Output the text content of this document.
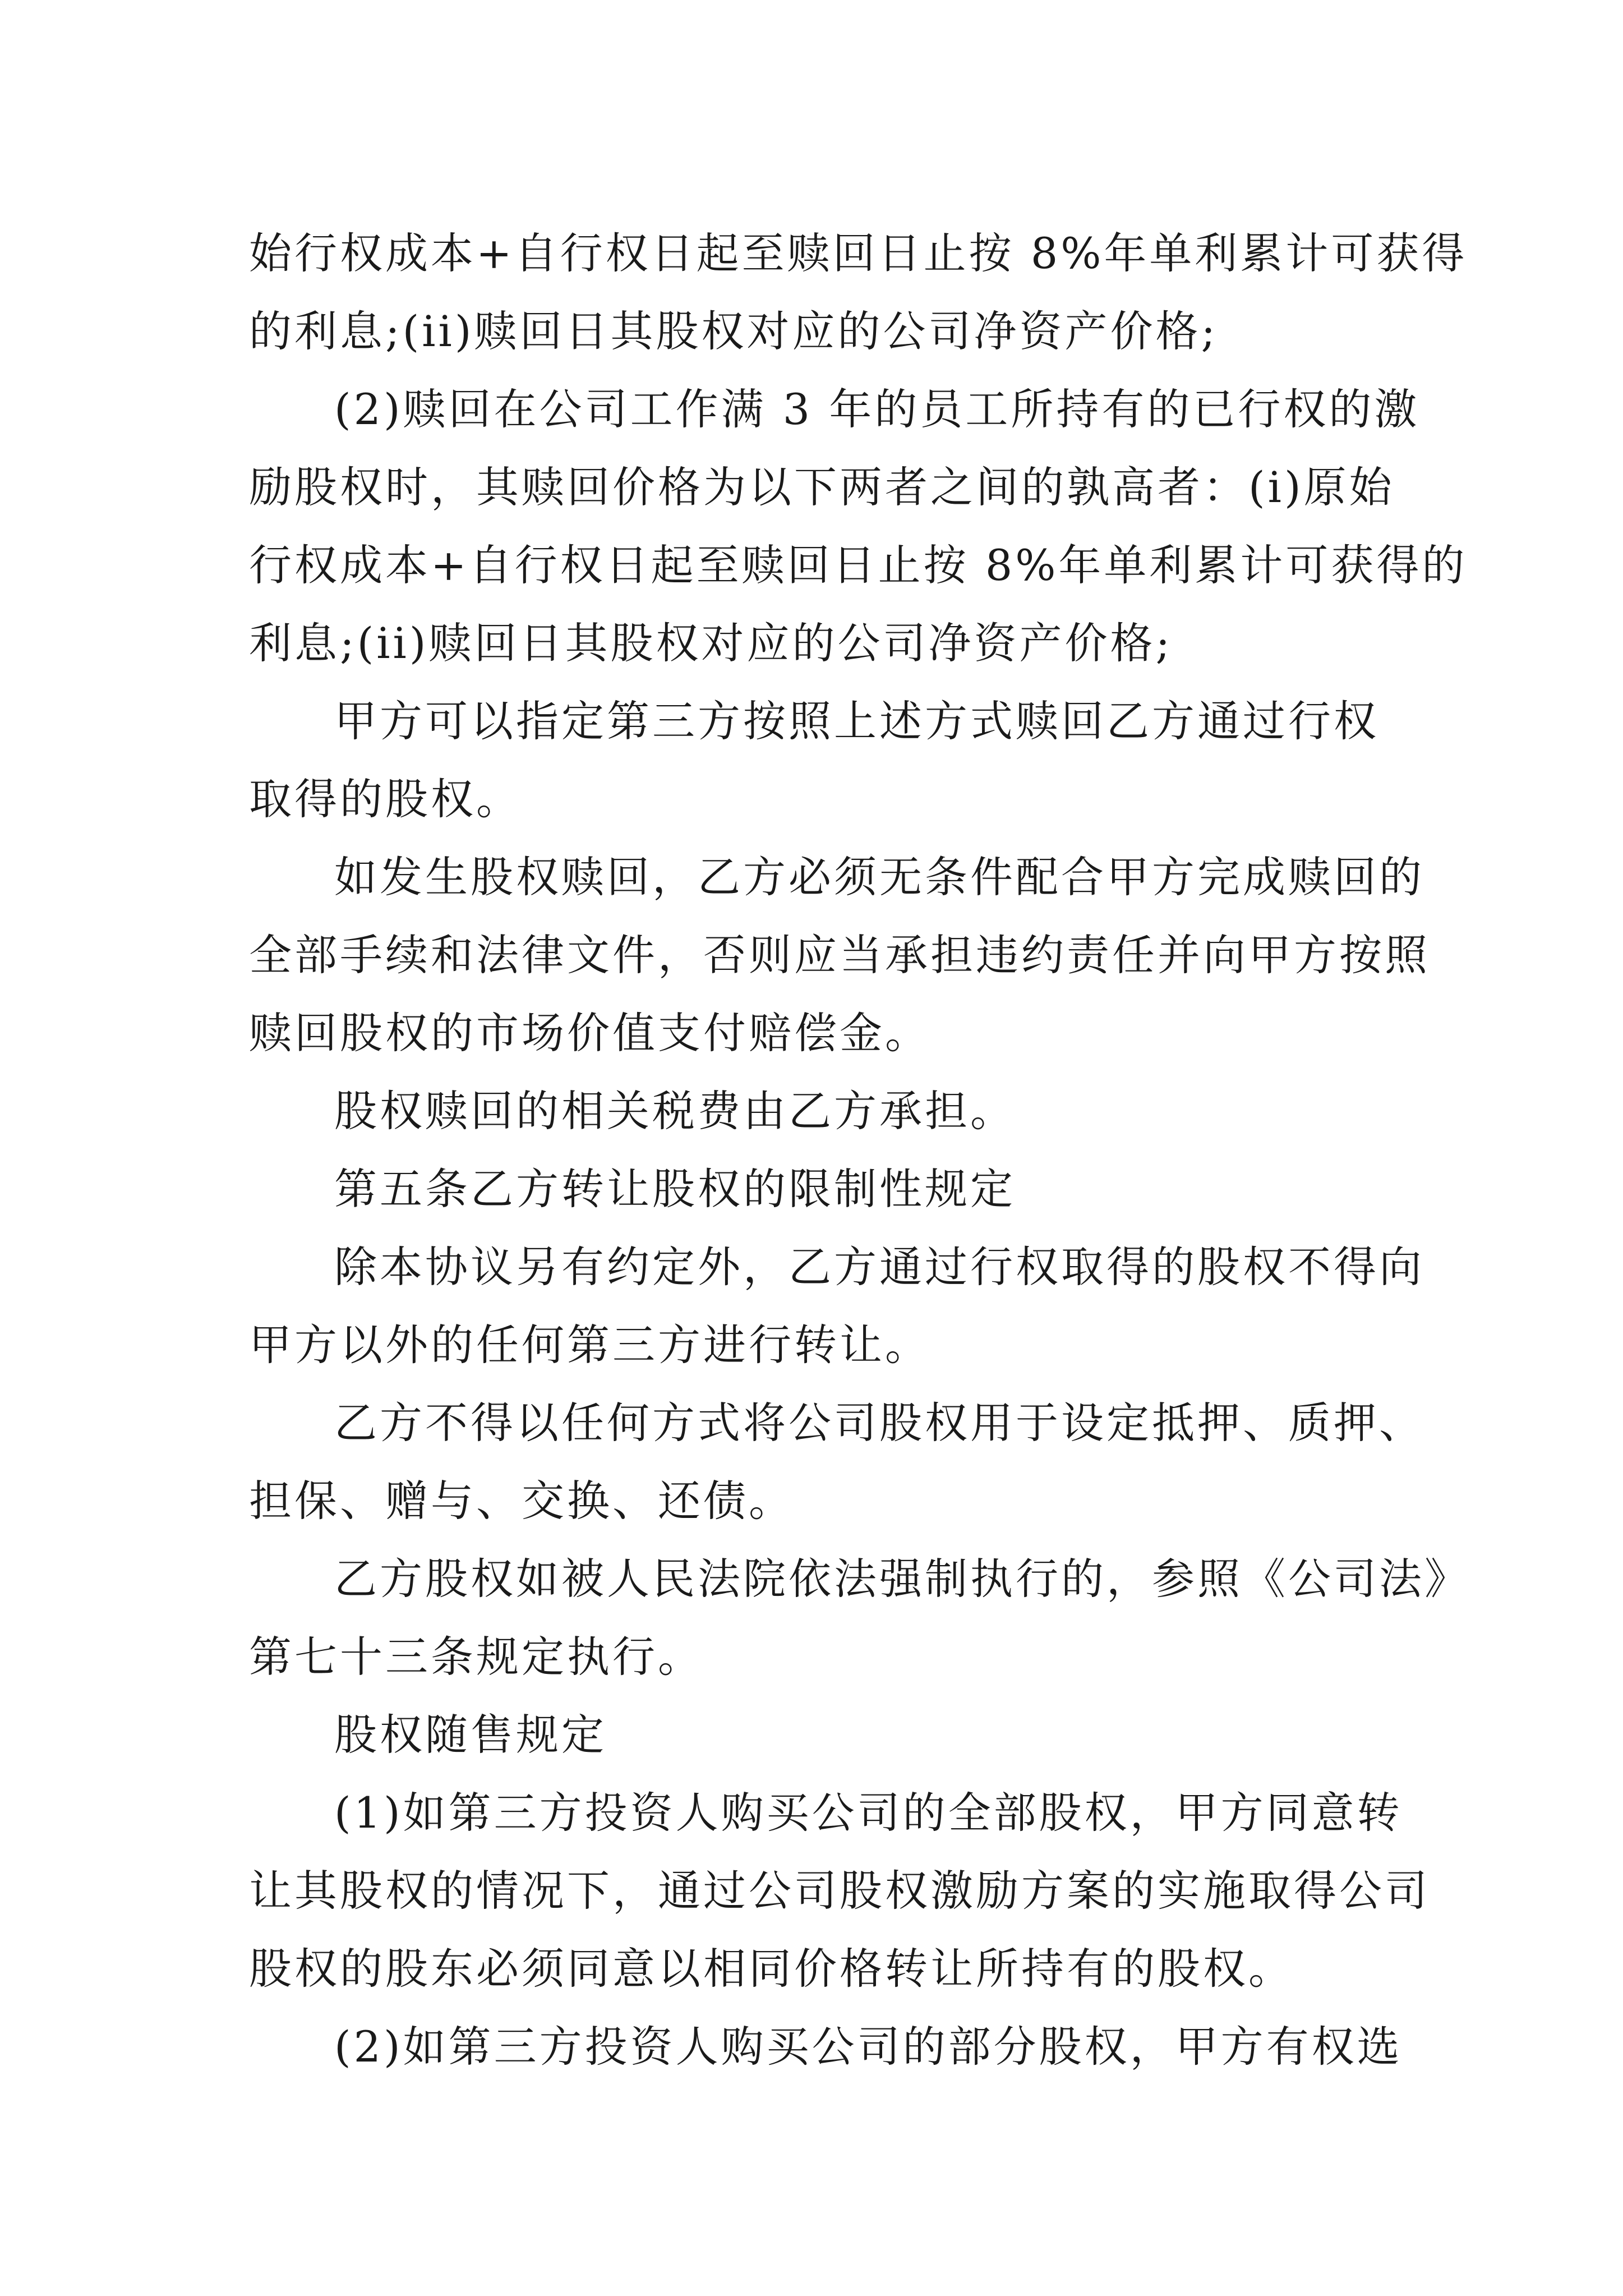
始行权成本+自行权日起至赎回日止按 8%年单利累计可获得
的利息;(ii)赎回日其股权对应的公司净资产价格;
(2)赎回在公司工作满 3 年的员工所持有的已行权的激
励股权时，其赎回价格为以下两者之间的孰高者：(i)原始
行权成本+自行权日起至赎回日止按 8%年单利累计可获得的
利息;(ii)赎回日其股权对应的公司净资产价格;
甲方可以指定第三方按照上述方式赎回乙方通过行权
取得的股权。
如发生股权赎回，乙方必须无条件配合甲方完成赎回的
全部手续和法律文件，否则应当承担违约责任并向甲方按照
赎回股权的市场价值支付赔偿金。
股权赎回的相关税费由乙方承担。
第五条乙方转让股权的限制性规定
除本协议另有约定外，乙方通过行权取得的股权不得向
甲方以外的任何第三方进行转让。
乙方不得以任何方式将公司股权用于设定抵押、质押、
担保、赠与、交换、还债。
乙方股权如被人民法院依法强制执行的，参照《公司法》
第七十三条规定执行。
股权随售规定
(1)如第三方投资人购买公司的全部股权，甲方同意转
让其股权的情况下，通过公司股权激励方案的实施取得公司
股权的股东必须同意以相同价格转让所持有的股权。
(2)如第三方投资人购买公司的部分股权，甲方有权选
